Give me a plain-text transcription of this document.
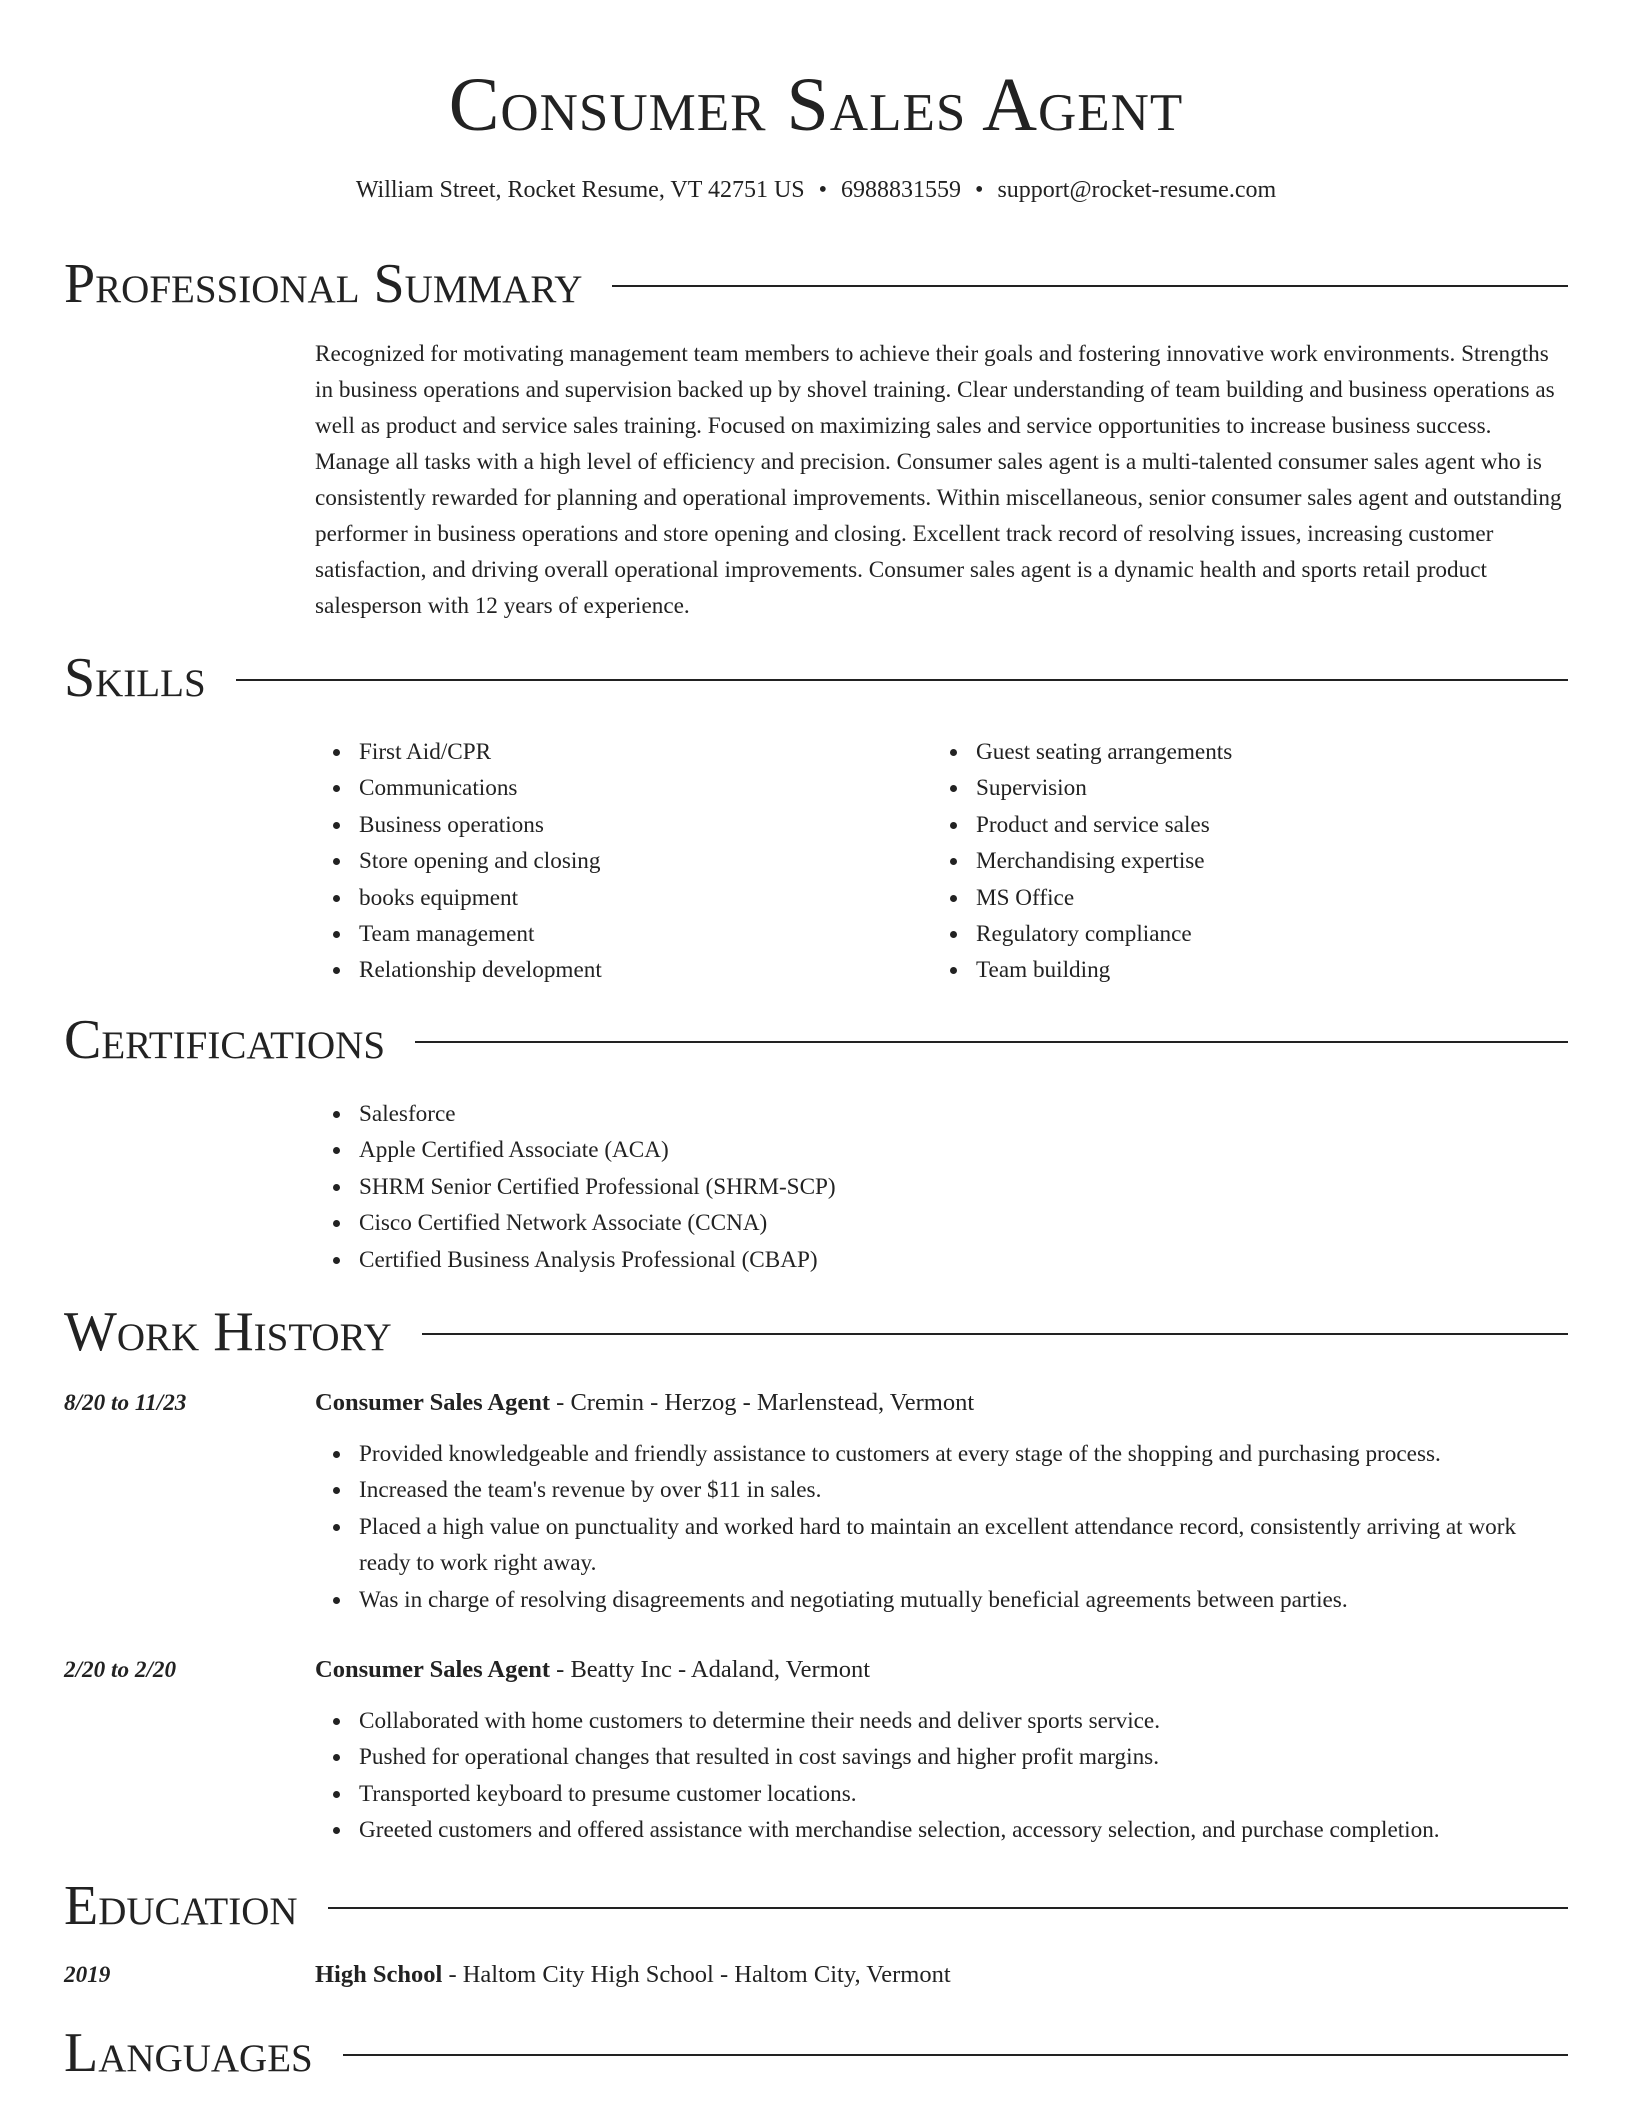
Consumer Sales Agent
William Street, Rocket Resume, VT 42751 US • 6988831559 • support@rocket-resume.com
Professional Summary

Recognized for motivating management team members to achieve their goals and fostering innovative work environments. Strengths in business operations and supervision backed up by shovel training. Clear understanding of team building and business operations as well as product and service sales training. Focused on maximizing sales and service opportunities to increase business success. Manage all tasks with a high level of efficiency and precision. Consumer sales agent is a multi-talented consumer sales agent who is consistently rewarded for planning and operational improvements. Within miscellaneous, senior consumer sales agent and outstanding performer in business operations and store opening and closing. Excellent track record of resolving issues, increasing customer satisfaction, and driving overall operational improvements. Consumer sales agent is a dynamic health and sports retail product salesperson with 12 years of experience.

Skills
First Aid/CPR
Communications
Business operations
Store opening and closing
books equipment
Team management
Relationship development
Guest seating arrangements
Supervision
Product and service sales
Merchandising expertise
MS Office
Regulatory compliance
Team building
Certifications
Salesforce
Apple Certified Associate (ACA)
SHRM Senior Certified Professional (SHRM-SCP)
Cisco Certified Network Associate (CCNA)
Certified Business Analysis Professional (CBAP)
Work History
8/20 to 11/23	Consumer Sales Agent - Cremin - Herzog - Marlenstead, Vermont
Provided knowledgeable and friendly assistance to customers at every stage of the shopping and purchasing process.
Increased the team's revenue by over $11 in sales.
Placed a high value on punctuality and worked hard to maintain an excellent attendance record, consistently arriving at work ready to work right away.
Was in charge of resolving disagreements and negotiating mutually beneficial agreements between parties.
2/20 to 2/20	Consumer Sales Agent - Beatty Inc - Adaland, Vermont
Collaborated with home customers to determine their needs and deliver sports service.
Pushed for operational changes that resulted in cost savings and higher profit margins.
Transported keyboard to presume customer locations.
Greeted customers and offered assistance with merchandise selection, accessory selection, and purchase completion.
Education
2019	High School - Haltom City High School - Haltom City, Vermont
Languages
